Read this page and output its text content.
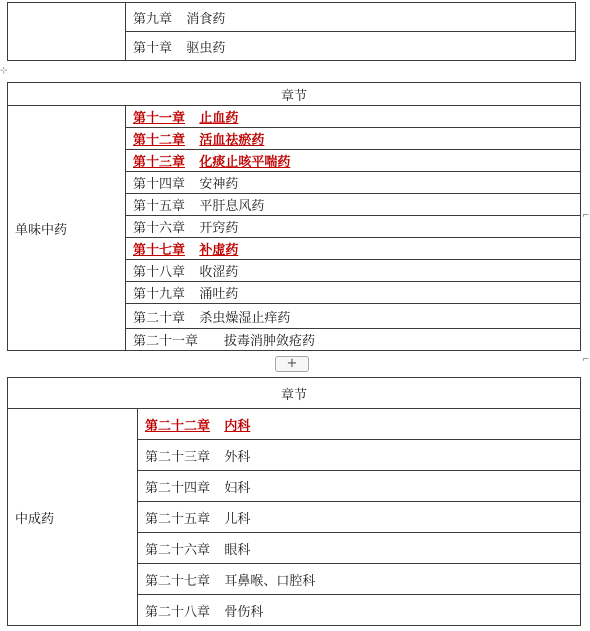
	第九章 消食药
第十章 驱虫药
⊹
章节
单味中药	第十一章 止血药
第十二章 活血祛瘀药
第十三章 化痰止咳平喘药
第十四章 安神药
第十五章 平肝息风药
第十六章 开窍药
第十七章 补虚药
第十八章 收涩药
第十九章 涌吐药
第二十章 杀虫燥湿止痒药
第二十一章 拔毒消肿敛疮药
⌐
⌐
+
章节
中成药	第二十二章 内科
第二十三章 外科
第二十四章 妇科
第二十五章 儿科
第二十六章 眼科
第二十七章 耳鼻喉、口腔科
第二十八章 骨伤科
